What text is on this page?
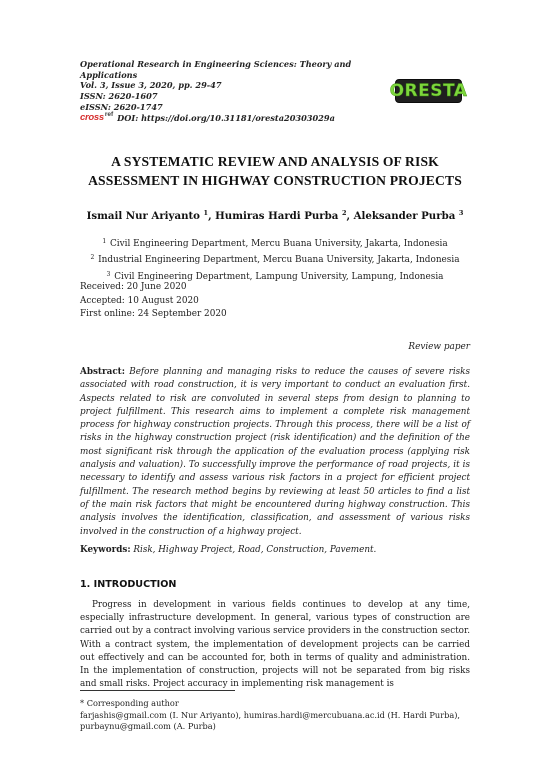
Operational Research in Engineering Sciences: Theory and Applications
Vol. 3, Issue 3, 2020, pp. 29-47
ISSN: 2620-1607
eISSN: 2620-1747
cross ref DOI: https://doi.org/10.31181/oresta20303029a
ORESTA
A SYSTEMATIC REVIEW AND ANALYSIS OF RISK
ASSESSMENT IN HIGHWAY CONSTRUCTION PROJECTS
Ismail Nur Ariyanto $^1$, Humiras Hardi Purba $^2$, Aleksander Purba $^3$
$^1$ Civil Engineering Department, Mercu Buana University, Jakarta, Indonesia
$^2$ Industrial Engineering Department, Mercu Buana University, Jakarta, Indonesia
$^3$ Civil Engineering Department, Lampung University, Lampung, Indonesia
Received: 20 June 2020
Accepted: 10 August 2020
First online: 24 September 2020
Review paper
Abstract: Before planning and managing risks to reduce the causes of severe risks associated with road construction, it is very important to conduct an evaluation first. Aspects related to risk are convoluted in several steps from design to planning to project fulfillment. This research aims to implement a complete risk management process for highway construction projects. Through this process, there will be a list of risks in the highway construction project (risk identification) and the definition of the most significant risk through the application of the evaluation process (applying risk analysis and valuation). To successfully improve the performance of road projects, it is necessary to identify and assess various risk factors in a project for efficient project fulfillment. The research method begins by reviewing at least 50 articles to find a list of the main risk factors that might be encountered during highway construction. This analysis involves the identification, classification, and assessment of various risks involved in the construction of a highway project.
Keywords: Risk, Highway Project, Road, Construction, Pavement.
1. INTRODUCTION
Progress in development in various fields continues to develop at any time, especially infrastructure development. In general, various types of construction are carried out by a contract involving various service providers in the construction sector. With a contract system, the implementation of development projects can be carried out effectively and can be accounted for, both in terms of quality and administration. In the implementation of construction, projects will not be separated from big risks and small risks. Project accuracy in implementing risk management is
* Corresponding author
farjashis@gmail.com (I. Nur Ariyanto), humiras.hardi@mercubuana.ac.id (H. Hardi Purba),
purbaynu@gmail.com (A. Purba)
